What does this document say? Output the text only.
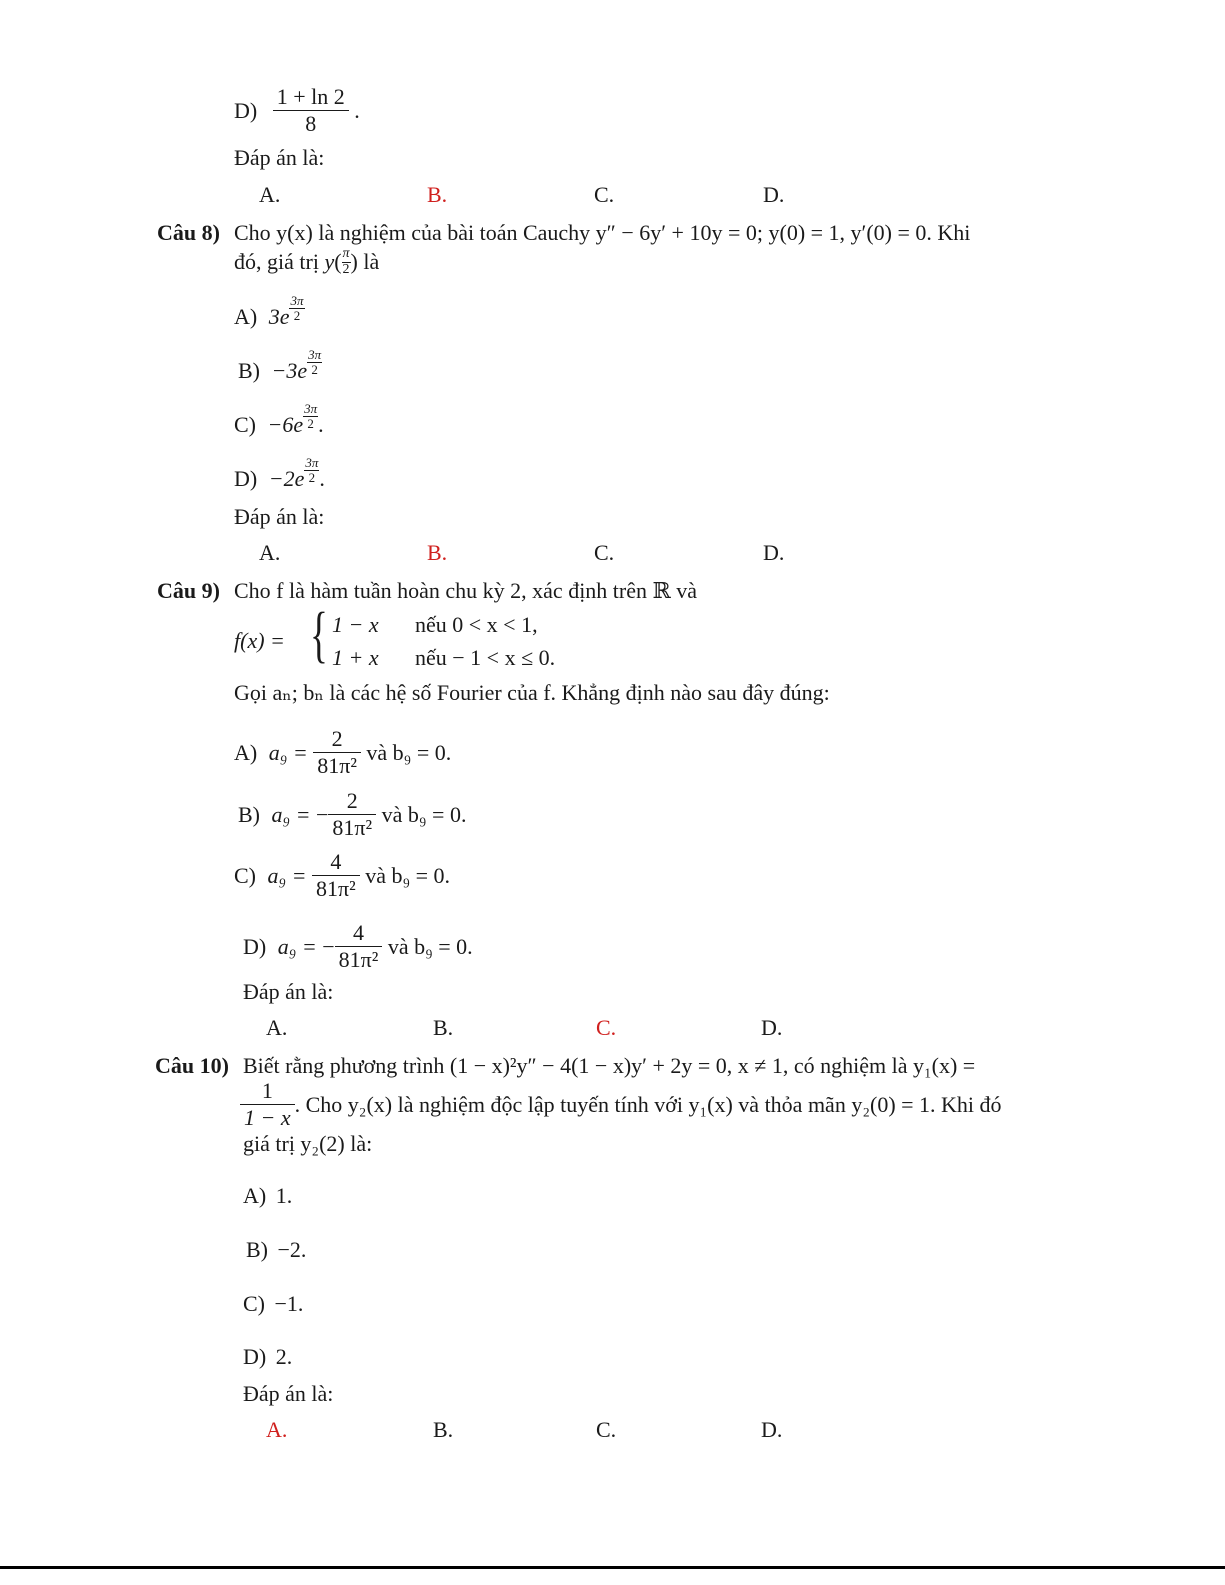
$D) \frac{1 + \ln 2}{8}$ .
Đáp án là:
A.	B.	C.	D.
Câu 8) Cho y(x) là nghiệm của bài toán Cauchy y″ − 6y′ + 10y = 0; y(0) = 1, y′(0) = 0. Khi
đó, giá trị $y( \frac{\pi}{2}$ ) là
A) $3e \frac{3\pi}{2}$
$B) -3e \frac{3\pi}{2}$
$C) -6e \frac{3\pi}{2}$ .
$D) -2e \frac{3\pi}{2}$ .
Đáp án là:
A.	B.	C.	D.
Câu 9) Cho f là hàm tuần hoàn chu kỳ 2, xác định trên ℝ và
f(x) = { 1 − x nếu 0 < x < 1,
1 + x nếu − 1 < x ≤ 0.
Gọi aₙ; bₙ là các hệ số Fourier của f. Khẳng định nào sau đây đúng:
A) $a_9 = \frac{2}{\text{81π²}}$ và b₉ = 0.
B) a₉ = − $\frac{2}{\text{81π²}}$ và b₉ = 0.
C) $a_9 = \frac{4}{\text{81π²}}$ và b₉ = 0.
D) a₉ = − $\frac{4}{\text{81π²}}$ và b₉ = 0.
Đáp án là:
A.	B.	C.	D.
Câu 10) Biết rằng phương trình (1 − x)²y″ − 4(1 − x)y′ + 2y = 0, x ≠ 1, có nghiệm là y₁(x) =
$\frac{1}{1 - x}$ . Cho y₂(x) là nghiệm độc lập tuyến tính với y₁(x) và thỏa mãn y₂(0) = 1. Khi đó
giá trị y₂(2) là:
A) 1.
B) −2.
C) −1.
D) 2.
Đáp án là:
A.	B.	C.	D.
